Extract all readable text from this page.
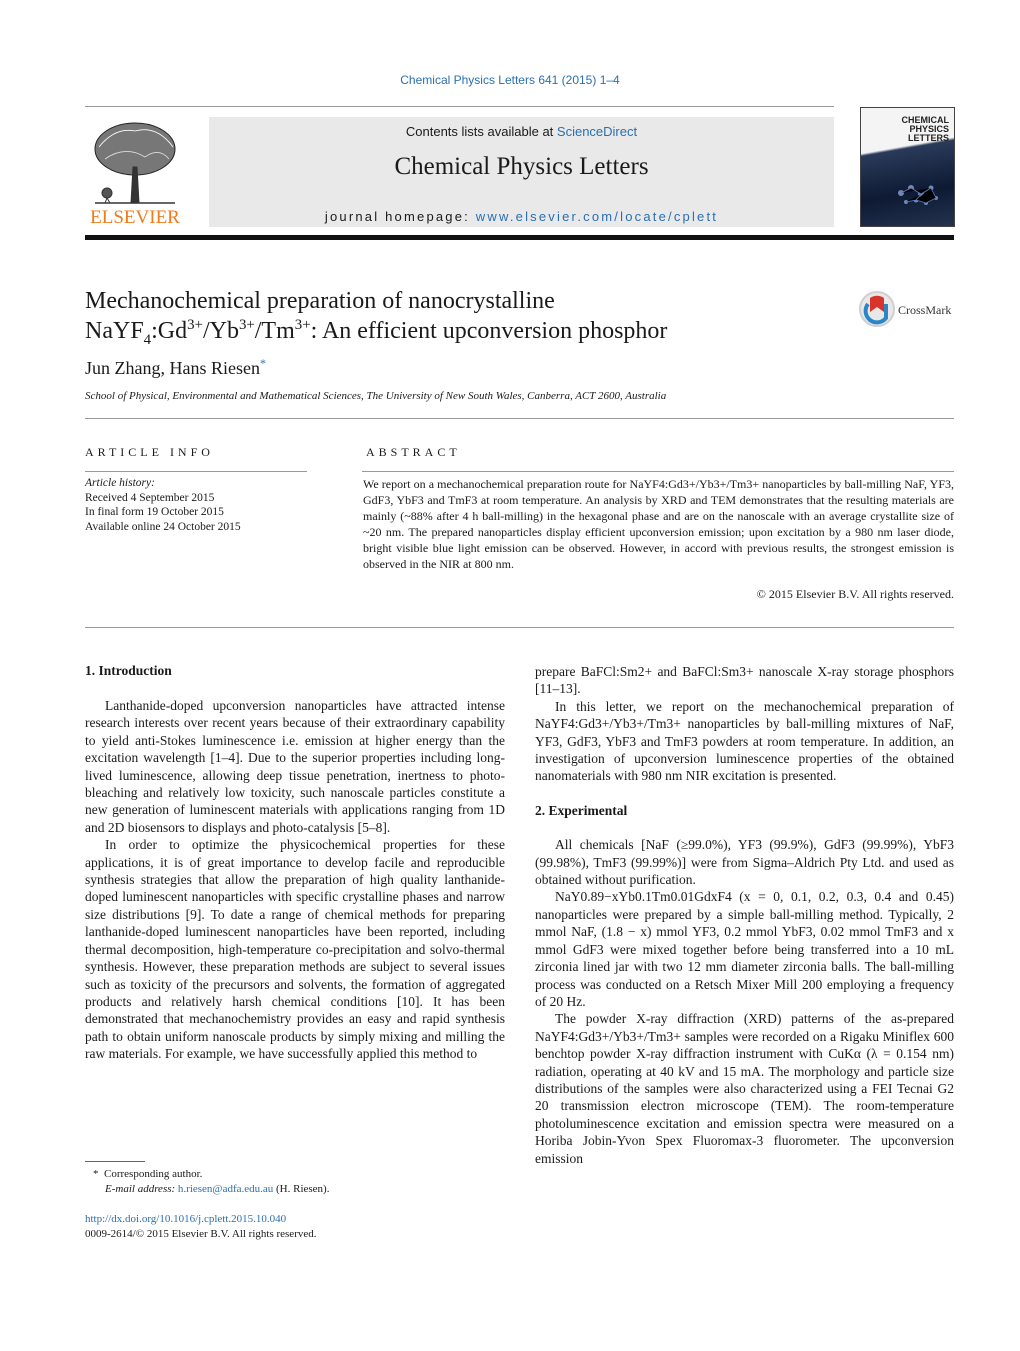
Chemical Physics Letters 641 (2015) 1–4
ELSEVIER
Contents lists available at ScienceDirect
Chemical Physics Letters
journal homepage: www.elsevier.com/locate/cplett
CHEMICAL PHYSICS LETTERS
Mechanochemical preparation of nanocrystalline
$NaYF_4:Gd^{3+}/Yb^{3+}/Tm^{3+}$: An efficient upconversion phosphor
CrossMark
Jun Zhang, Hans Riesen*
School of Physical, Environmental and Mathematical Sciences, The University of New South Wales, Canberra, ACT 2600, Australia
ARTICLE INFO
Article history:
Received 4 September 2015
In final form 19 October 2015
Available online 24 October 2015
ABSTRACT
We report on a mechanochemical preparation route for NaYF4:Gd3+/Yb3+/Tm3+ nanoparticles by ball-milling NaF, YF3, GdF3, YbF3 and TmF3 at room temperature. An analysis by XRD and TEM demonstrates that the resulting materials are mainly (~88% after 4 h ball-milling) in the hexagonal phase and are on the nanoscale with an average crystallite size of ~20 nm. The prepared nanoparticles display efficient upconversion emission; upon excitation by a 980 nm laser diode, bright visible blue light emission can be observed. However, in accord with previous results, the strongest emission is observed in the NIR at 800 nm.
© 2015 Elsevier B.V. All rights reserved.
1. Introduction

Lanthanide-doped upconversion nanoparticles have attracted intense research interests over recent years because of their extraordinary capability to yield anti-Stokes luminescence i.e. emission at higher energy than the excitation wavelength [1–4]. Due to the superior properties including long-lived luminescence, allowing deep tissue penetration, inertness to photo-bleaching and relatively low toxicity, such nanoscale particles constitute a new generation of luminescent materials with applications ranging from 1D and 2D biosensors to displays and photo-catalysis [5–8].

In order to optimize the physicochemical properties for these applications, it is of great importance to develop facile and reproducible synthesis strategies that allow the preparation of high quality lanthanide-doped luminescent nanoparticles with specific crystalline phases and narrow size distributions [9]. To date a range of chemical methods for preparing lanthanide-doped luminescent nanoparticles have been reported, including thermal decomposition, high-temperature co-precipitation and solvo-thermal synthesis. However, these preparation methods are subject to several issues such as toxicity of the precursors and solvents, the formation of aggregated products and relatively harsh chemical conditions [10]. It has been demonstrated that mechanochemistry provides an easy and rapid synthesis path to obtain uniform nanoscale products by simply mixing and milling the raw materials. For example, we have successfully applied this method to

prepare BaFCl:Sm2+ and BaFCl:Sm3+ nanoscale X-ray storage phosphors [11–13].

In this letter, we report on the mechanochemical preparation of NaYF4:Gd3+/Yb3+/Tm3+ nanoparticles by ball-milling mixtures of NaF, YF3, GdF3, YbF3 and TmF3 powders at room temperature. In addition, an investigation of upconversion luminescence properties of the obtained nanomaterials with 980 nm NIR excitation is presented.

2. Experimental

All chemicals [NaF (≥99.0%), YF3 (99.9%), GdF3 (99.99%), YbF3 (99.98%), TmF3 (99.99%)] were from Sigma–Aldrich Pty Ltd. and used as obtained without purification.

NaY0.89−xYb0.1Tm0.01GdxF4 (x = 0, 0.1, 0.2, 0.3, 0.4 and 0.45) nanoparticles were prepared by a simple ball-milling method. Typically, 2 mmol NaF, (1.8 − x) mmol YF3, 0.2 mmol YbF3, 0.02 mmol TmF3 and x mmol GdF3 were mixed together before being transferred into a 10 mL zirconia lined jar with two 12 mm diameter zirconia balls. The ball-milling process was conducted on a Retsch Mixer Mill 200 employing a frequency of 20 Hz.

The powder X-ray diffraction (XRD) patterns of the as-prepared NaYF4:Gd3+/Yb3+/Tm3+ samples were recorded on a Rigaku Miniflex 600 benchtop powder X-ray diffraction instrument with CuKα (λ = 0.154 nm) radiation, operating at 40 kV and 15 mA. The morphology and particle size distributions of the samples were also characterized using a FEI Tecnai G2 20 transmission electron microscope (TEM). The room-temperature photoluminescence excitation and emission spectra were measured on a Horiba Jobin-Yvon Spex Fluoromax-3 fluorometer. The upconversion emission

* Corresponding author.
E-mail address: h.riesen@adfa.edu.au (H. Riesen).
http://dx.doi.org/10.1016/j.cplett.2015.10.040
0009-2614/© 2015 Elsevier B.V. All rights reserved.
